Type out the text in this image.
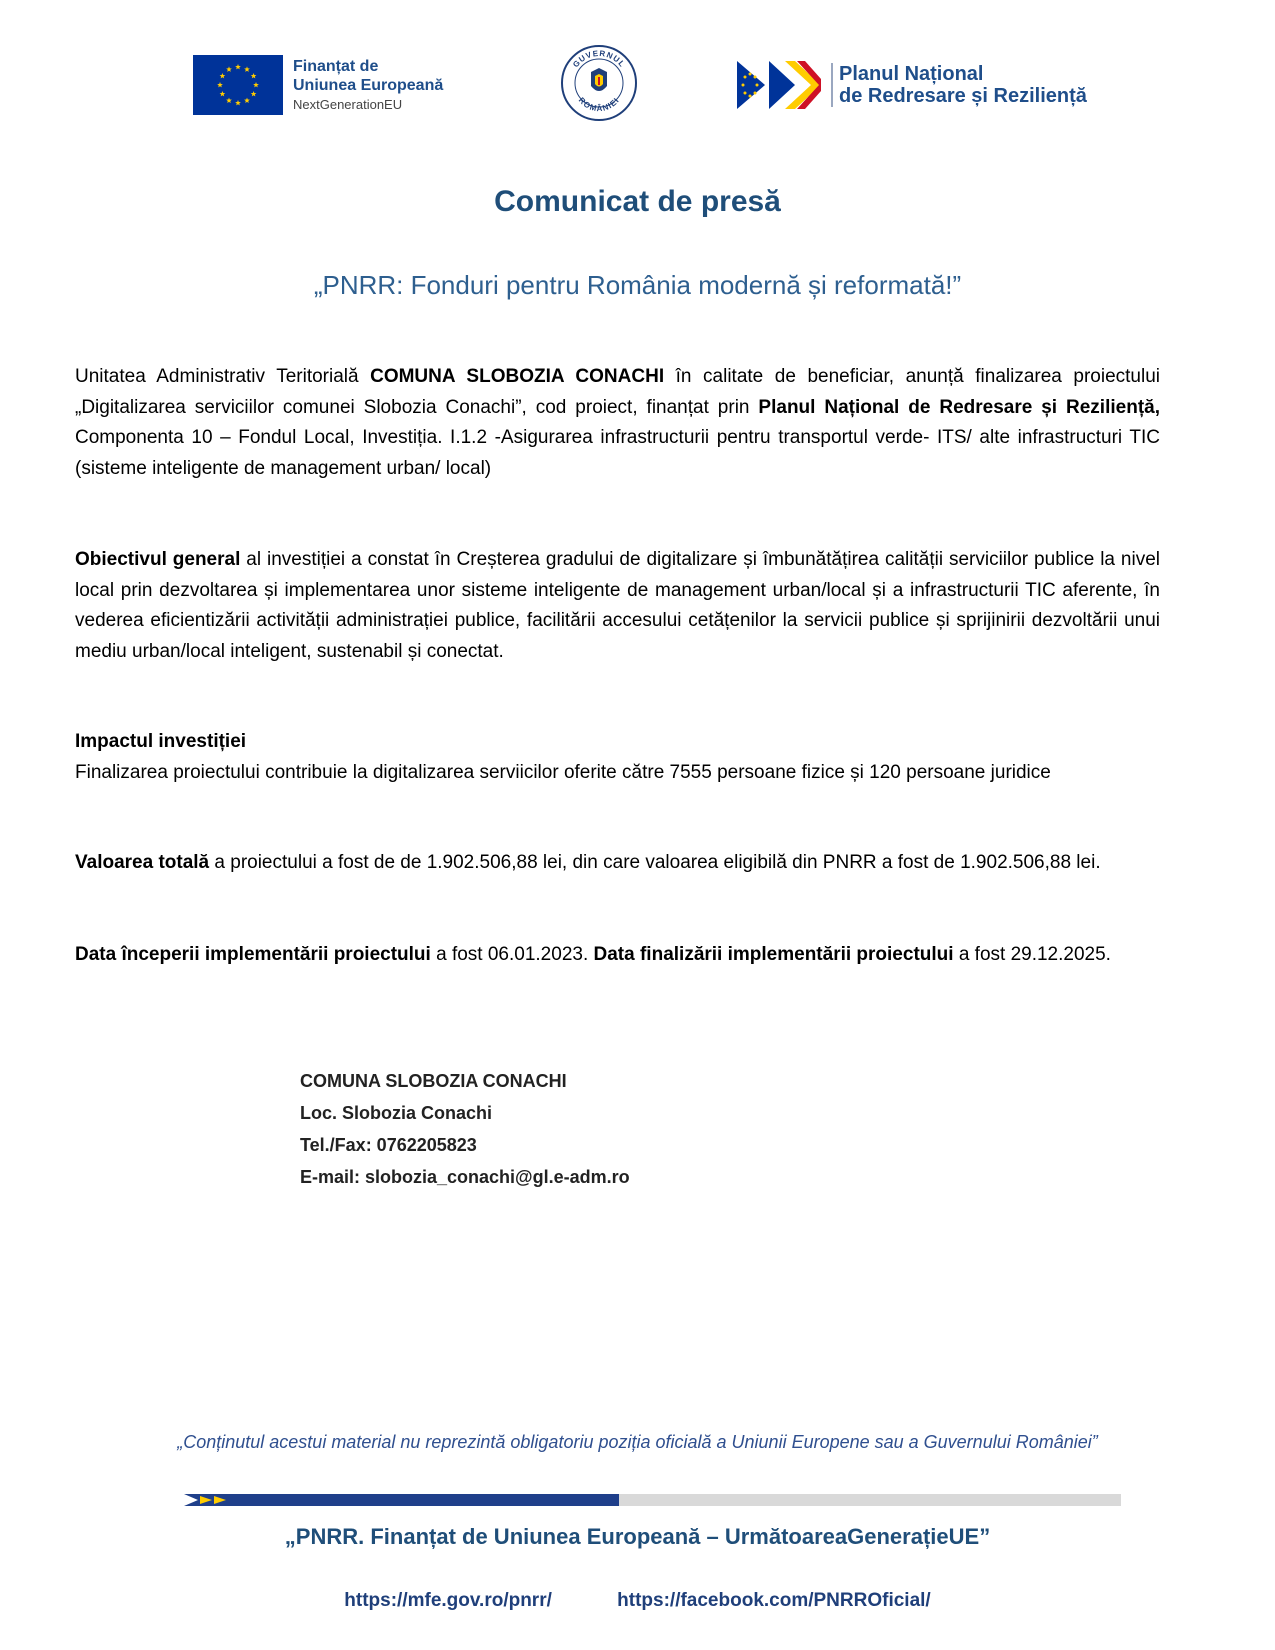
Finanțat de
Uniunea Europeană
NextGenerationEU
GUVERNUL
ROMÂNIEI
Planul Național
de Redresare și Reziliență
Comunicat de presă
„PNRR: Fonduri pentru România modernă și reformată!”
Unitatea Administrativ Teritorială COMUNA SLOBOZIA CONACHI în calitate de beneficiar, anunță finalizarea proiectului „Digitalizarea serviciilor comunei Slobozia Conachi”, cod proiect, finanțat prin Planul Național de Redresare și Reziliență, Componenta 10 – Fondul Local, Investiția. I.1.2 -Asigurarea infrastructurii pentru transportul verde- ITS/ alte infrastructuri TIC (sisteme inteligente de management urban/ local)
Obiectivul general al investiției a constat în Creșterea gradului de digitalizare și îmbunătățirea calității serviciilor publice la nivel local prin dezvoltarea și implementarea unor sisteme inteligente de management urban/local și a infrastructurii TIC aferente, în vederea eficientizării activității administrației publice, facilitării accesului cetățenilor la servicii publice și sprijinirii dezvoltării unui mediu urban/local inteligent, sustenabil și conectat.
Impactul investiției
Finalizarea proiectului contribuie la digitalizarea serviicilor oferite către 7555 persoane fizice și 120 persoane juridice
Valoarea totală a proiectului a fost de de 1.902.506,88 lei, din care valoarea eligibilă din PNRR a fost de 1.902.506,88 lei.
Data începerii implementării proiectului a fost 06.01.2023. Data finalizării implementării proiectului a fost 29.12.2025.
COMUNA SLOBOZIA CONACHI
Loc. Slobozia Conachi
Tel./Fax: 0762205823
E-mail: slobozia_conachi@gl.e-adm.ro
„Conținutul acestui material nu reprezintă obligatoriu poziția oficială a Uniunii Europene sau a Guvernului României”
„PNRR. Finanțat de Uniunea Europeană – UrmătoareaGenerațieUE”
https://mfe.gov.ro/pnrr/	https://facebook.com/PNRROficial/
